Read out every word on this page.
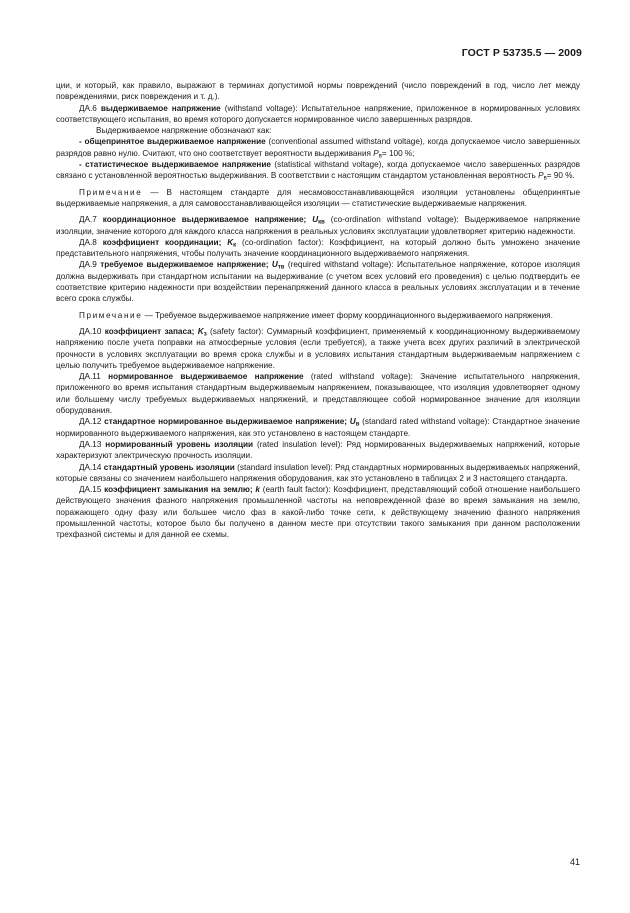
ГОСТ Р 53735.5 — 2009

ции, и который, как правило, выражают в терминах допустимой нормы повреждений (число повреждений в год, число лет между повреждениями, риск повреждения и т. д.).

ДА.6 выдерживаемое напряжение (withstand voltage): Испытательное напряжение, приложенное в нормированных условиях соответствующего испытания, во время которого допускается нормированное число завершенных разрядов.

Выдерживаемое напряжение обозначают как:

- общепринятое выдерживаемое напряжение (conventional assumed withstand voltage), когда допускаемое число завершенных разрядов равно нулю. Считают, что оно соответствует вероятности выдерживания $P_в= 100$ %;

- статистическое выдерживаемое напряжение (statistical withstand voltage), когда допускаемое число завершенных разрядов связано с установленной вероятностью выдерживания. В соответствии с настоящим стандартом установленная вероятность $P_в= 90$ %.

Примечание — В настоящем стандарте для несамовосстанавливающейся изоляции установлены общепринятые выдерживаемые напряжения, а для самовосстанавливающейся изоляции — статистические выдерживаемые напряжения.

ДА.7 координационное выдерживаемое напряжение; $U_{кв}$ (co-ordination withstand voltage): Выдерживаемое напряжение изоляции, значение которого для каждого класса напряжения в реальных условиях эксплуатации удовлетворяет критерию надежности.

ДА.8 коэффициент координации; $K_к$ (co-ordination factor): Коэффициент, на который должно быть умножено значение представительного напряжения, чтобы получить значение координационного выдерживаемого напряжения.

ДА.9 требуемое выдерживаемое напряжение; $U_{тв}$ (required withstand voltage): Испытательное напряжение, которое изоляция должна выдерживать при стандартном испытании на выдерживание (с учетом всех условий его проведения) с целью подтвердить ее соответствие критерию надежности при воздействии перенапряжений данного класса в реальных условиях эксплуатации и в течение всего срока службы.

Примечание — Требуемое выдерживаемое напряжение имеет форму координационного выдерживаемого напряжения.

ДА.10 коэффициент запаса; $K_з$ (safety factor): Суммарный коэффициент, применяемый к координационному выдерживаемому напряжению после учета поправки на атмосферные условия (если требуется), а также учета всех других различий в электрической прочности в условиях эксплуатации во время срока службы и в условиях испытания стандартным выдерживаемым напряжением с целью получить требуемое выдерживаемое напряжение.

ДА.11 нормированное выдерживаемое напряжение (rated withstand voltage): Значение испытательного напряжения, приложенного во время испытания стандартным выдерживаемым напряжением, показывающее, что изоляция удовлетворяет одному или большему числу требуемых выдерживаемых напряжений, и представляющее собой нормированное значение для изоляции оборудования.

ДА.12 стандартное нормированное выдерживаемое напряжение; $U_в$ (standard rated withstand voltage): Стандартное значение нормированного выдерживаемого напряжения, как это установлено в настоящем стандарте.

ДА.13 нормированный уровень изоляции (rated insulation level): Ряд нормированных выдерживаемых напряжений, которые характеризуют электрическую прочность изоляции.

ДА.14 стандартный уровень изоляции (standard insulation level): Ряд стандартных нормированных выдерживаемых напряжений, которые связаны со значением наибольшего напряжения оборудования, как это установлено в таблицах 2 и 3 настоящего стандарта.

ДА.15 коэффициент замыкания на землю; k (earth fault factor): Коэффициент, представляющий собой отношение наибольшего действующего значения фазного напряжения промышленной частоты на неповрежденной фазе во время замыкания на землю, поражающего одну фазу или большее число фаз в какой-либо точке сети, к действующему значению фазного напряжения промышленной частоты, которое было бы получено в данном месте при отсутствии такого замыкания при данном расположении трехфазной системы и для данной ее схемы.

41
